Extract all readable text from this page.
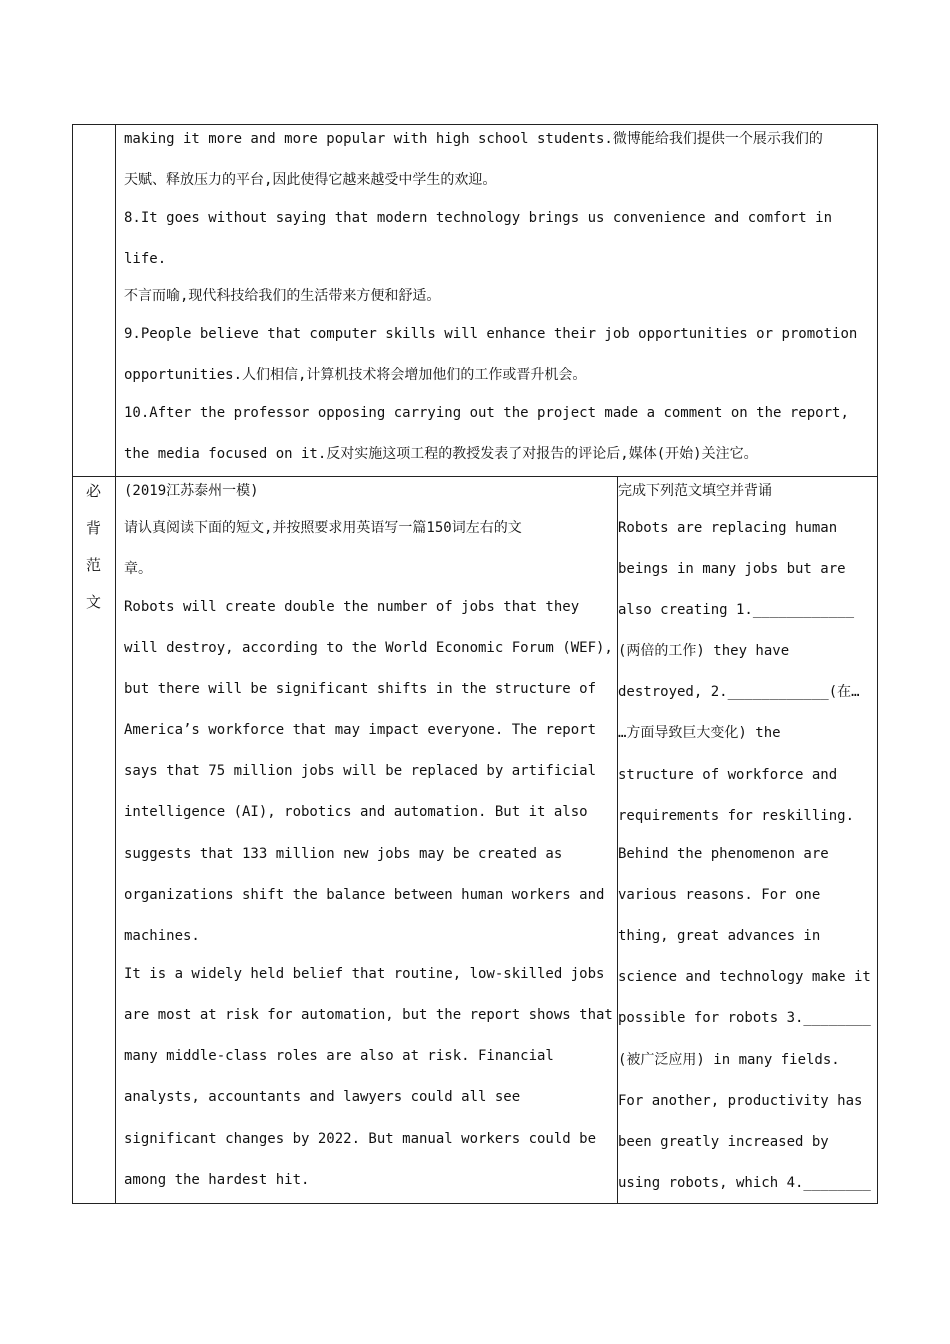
making it more and more popular with high school students.微博能给我们提供一个展示我们的
天赋、释放压力的平台,因此使得它越来越受中学生的欢迎。
8.It goes without saying that modern technology brings us convenience and comfort in
life.
不言而喻,现代科技给我们的生活带来方便和舒适。
9.People believe that computer skills will enhance their job opportunities or promotion
opportunities.人们相信,计算机技术将会增加他们的工作或晋升机会。
10.After the professor opposing carrying out the project made a comment on the report,
the media focused on it.反对实施这项工程的教授发表了对报告的评论后,媒体(开始)关注它。
必
背
范
文
(2019江苏泰州一模)
请认真阅读下面的短文,并按照要求用英语写一篇150词左右的文
章。
Robots will create double the number of jobs that they
will destroy, according to the World Economic Forum (WEF),
but there will be significant shifts in the structure of
America’s workforce that may impact everyone. The report
says that 75 million jobs will be replaced by artificial
intelligence (AI), robotics and automation. But it also
suggests that 133 million new jobs may be created as
organizations shift the balance between human workers and
machines.
It is a widely held belief that routine, low-skilled jobs
are most at risk for automation, but the report shows that
many middle-class roles are also at risk. Financial
analysts, accountants and lawyers could all see
significant changes by 2022. But manual workers could be
among the hardest hit.
完成下列范文填空并背诵
Robots are replacing human
beings in many jobs but are
also creating 1.____________
(两倍的工作) they have
destroyed, 2.____________(在…
…方面导致巨大变化) the
structure of workforce and
requirements for reskilling.
Behind the phenomenon are
various reasons. For one
thing, great advances in
science and technology make it
possible for robots 3.________
(被广泛应用) in many fields.
For another, productivity has
been greatly increased by
using robots, which 4.________
